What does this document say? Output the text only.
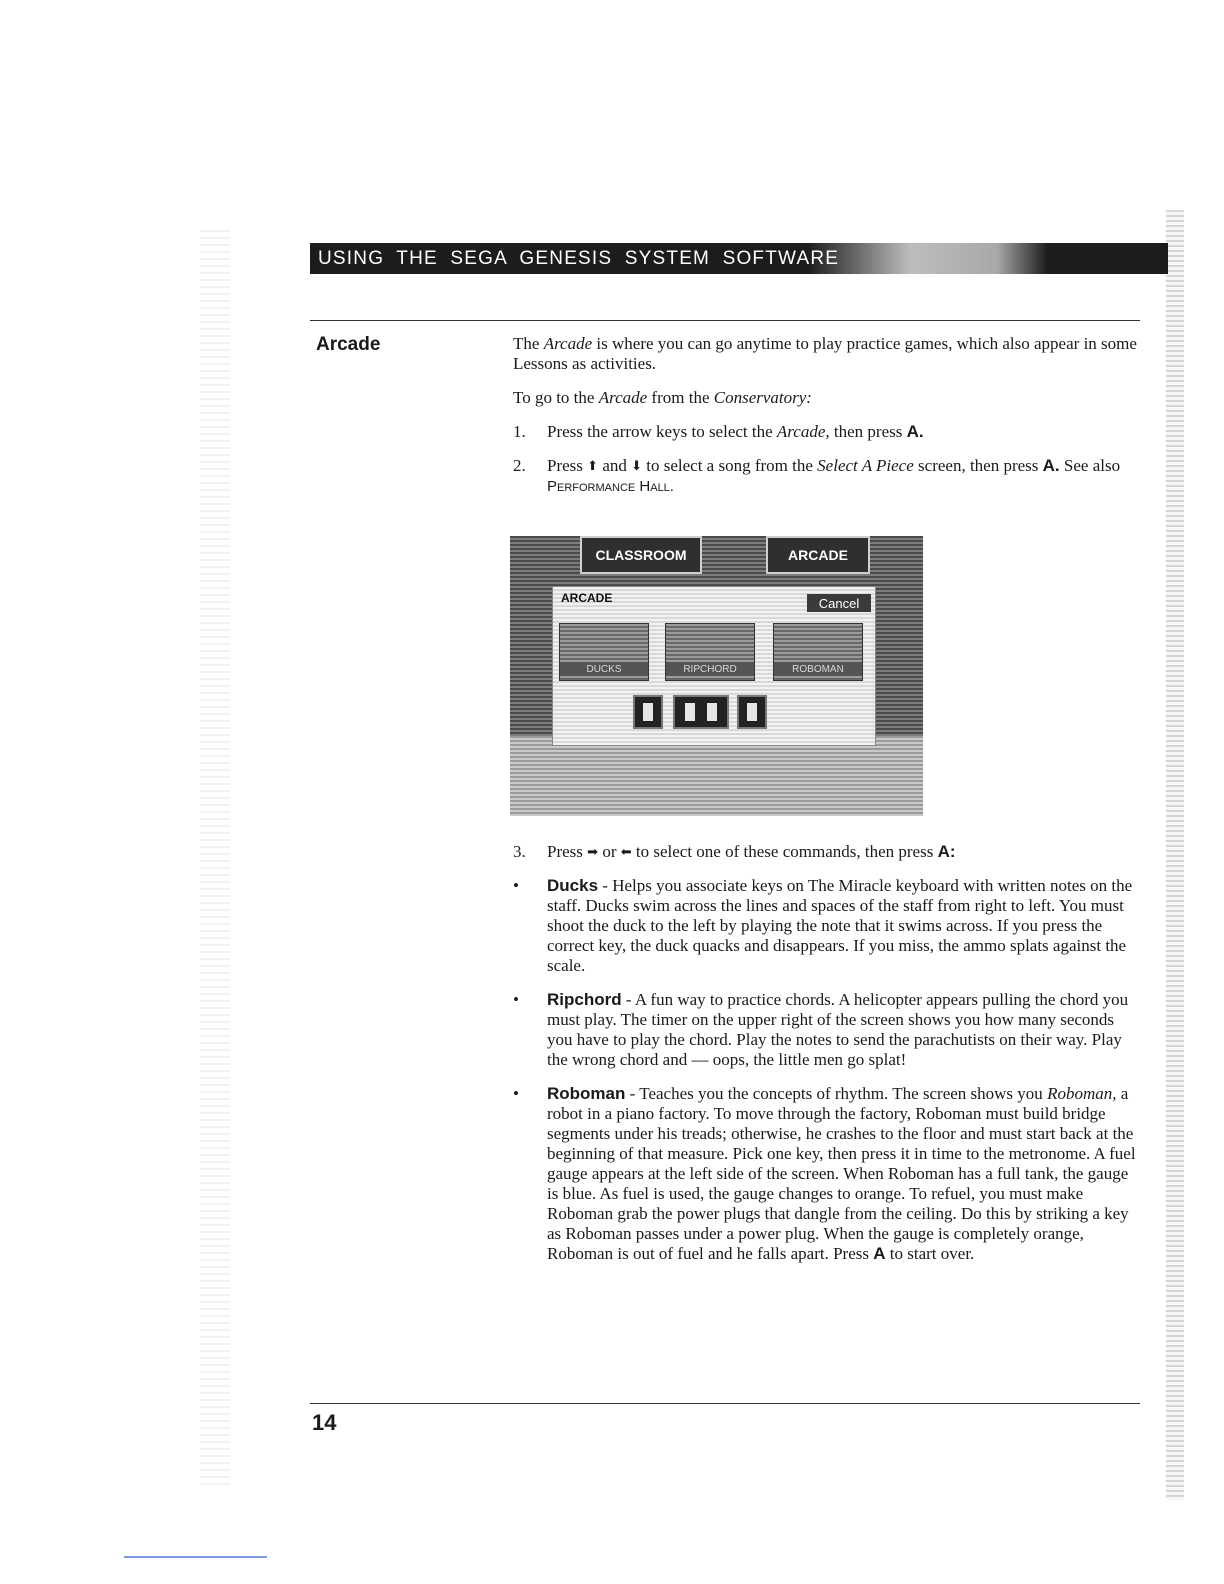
USING THE SEGA GENESIS SYSTEM SOFTWARE
Arcade	The Arcade is where you can go anytime to play practice games, which also appear in some Lessons as activities.

To go to the Arcade from the Conservatory:

1.	Press the arrow keys to select the Arcade, then press A.
2.	Press ⬆ and ⬇ to select a song from the Select A Piece screen, then press A. See also Performance Hall.
CLASSROOM	ARCADE
ARCADE	Cancel
DUCKS	RIPCHORD	ROBOMAN
3.	Press ➡ or ⬅ to select one of these commands, then press A:
•	Ducks - Helps you associate keys on The Miracle keyboard with written notes on the staff. Ducks swim across the lines and spaces of the staff from right to left. You must shoot the duck to the left by playing the note that it swims across. If you press the correct key, the duck quacks and disappears. If you miss, the ammo splats against the scale.
•	Ripchord - A fun way to practice chords. A helicopter appears pulling the chord you must play. The timer on the upper right of the screen shows you how many seconds you have to play the chord. Play the notes to send the parachutists on their way. Play the wrong chord and — oops, the little men go splat!
•	Roboman - Teaches you the concepts of rhythm. The screen shows you Roboman, a robot in a piano factory. To move through the factory, Roboman must build bridge segments under his treads; otherwise, he crashes to the floor and must start back at the beginning of that measure. Pick one key, then press it in time to the metronome. A fuel gauge appears at the left side of the screen. When Roboman has a full tank, the gauge is blue. As fuel is used, the gauge changes to orange. To refuel, you must make Roboman grab the power plugs that dangle from the ceiling. Do this by striking a key as Roboman passes under a power plug. When the gauge is completely orange, Roboman is out of fuel and he falls apart. Press A to start over.
14
